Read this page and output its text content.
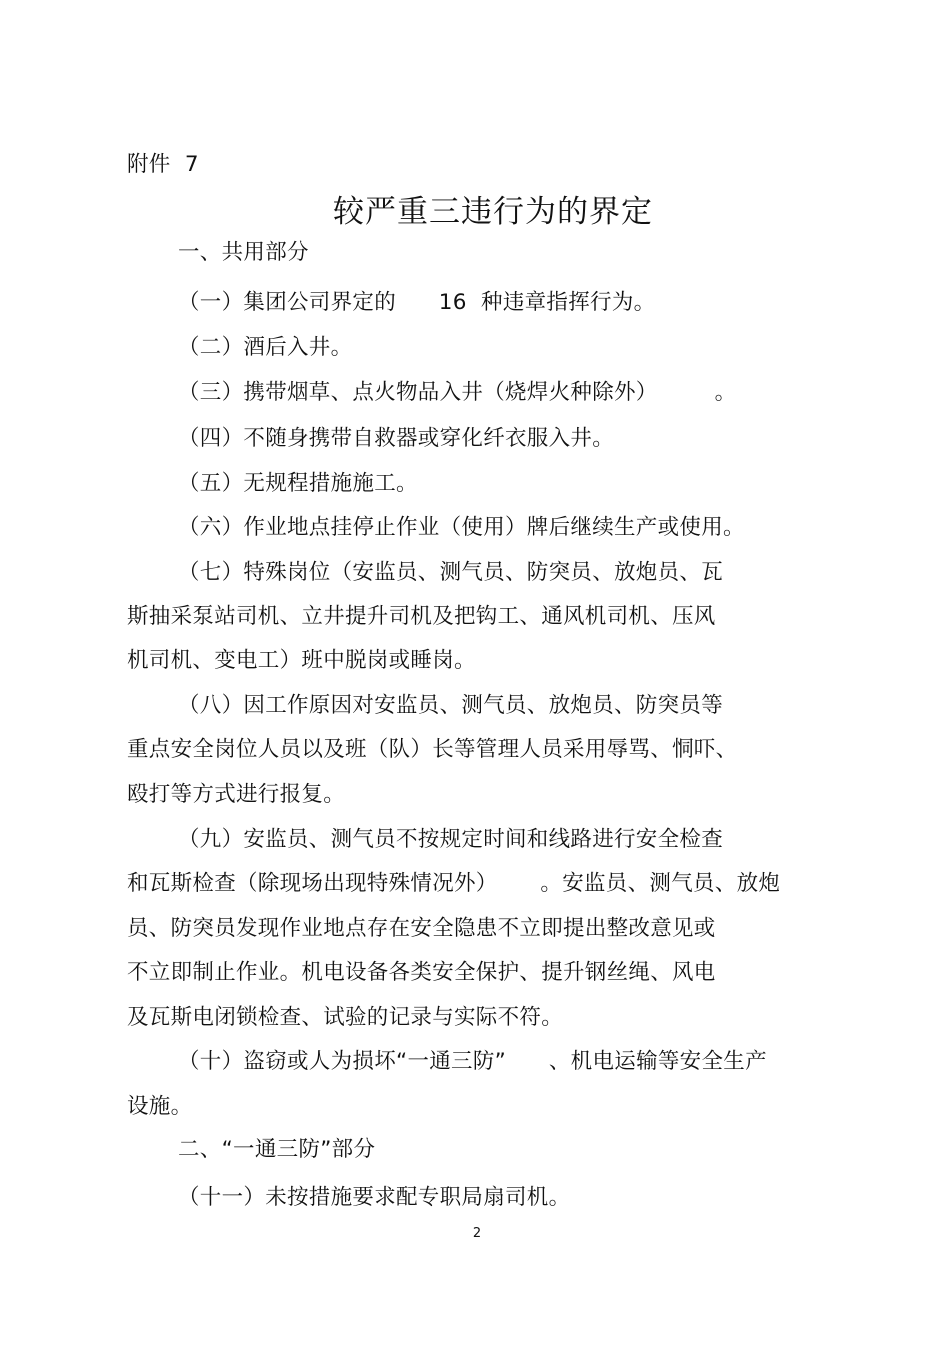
附件  7
较严重三违行为的界定
一、共用部分
（一）集团公司界定的      16  种违章指挥行为。
（二）酒后入井。
（三）携带烟草、点火物品入井（烧焊火种除外）        。
（四）不随身携带自救器或穿化纤衣服入井。
（五）无规程措施施工。
（六）作业地点挂停止作业（使用）牌后继续生产或使用。
（七）特殊岗位（安监员、测气员、防突员、放炮员、瓦
斯抽采泵站司机、立井提升司机及把钩工、通风机司机、压风
机司机、变电工）班中脱岗或睡岗。
（八）因工作原因对安监员、测气员、放炮员、防突员等
重点安全岗位人员以及班（队）长等管理人员采用辱骂、恫吓、
殴打等方式进行报复。
（九）安监员、测气员不按规定时间和线路进行安全检查
和瓦斯检查（除现场出现特殊情况外）      。安监员、测气员、放炮
员、防突员发现作业地点存在安全隐患不立即提出整改意见或
不立即制止作业。机电设备各类安全保护、提升钢丝绳、风电
及瓦斯电闭锁检查、试验的记录与实际不符。
（十）盗窃或人为损坏“一通三防”      、机电运输等安全生产
设施。
二、“一通三防”部分
（十一）未按措施要求配专职局扇司机。
2
